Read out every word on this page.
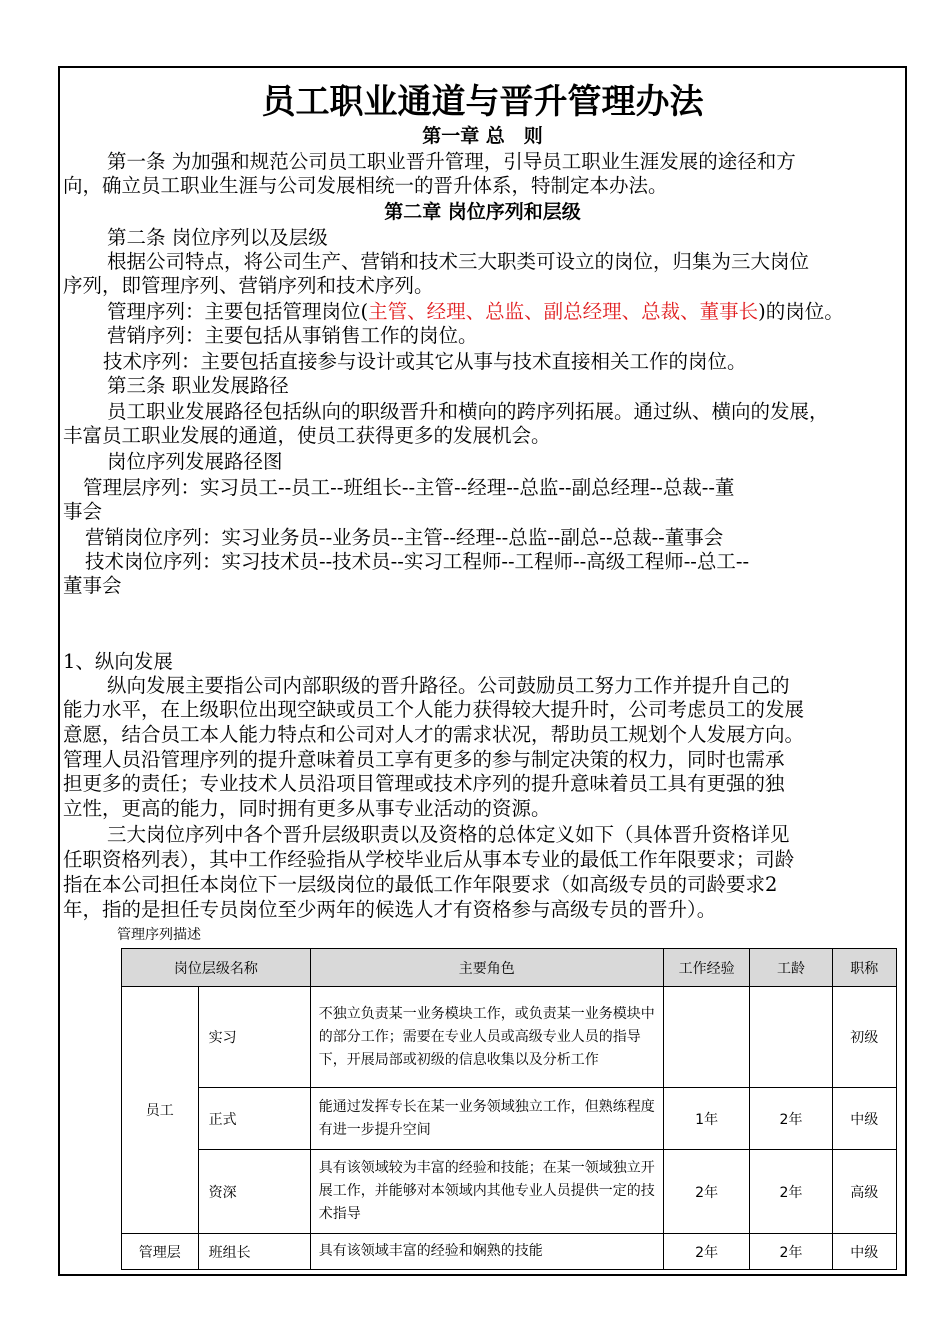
员工职业通道与晋升管理办法
第一章 总　则
第一条 为加强和规范公司员工职业晋升管理，引导员工职业生涯发展的途径和方
向，确立员工职业生涯与公司发展相统一的晋升体系，特制定本办法。
第二章 岗位序列和层级
第二条 岗位序列以及层级
根据公司特点，将公司生产、营销和技术三大职类可设立的岗位，归集为三大岗位
序列，即管理序列、营销序列和技术序列。
管理序列：主要包括管理岗位(主管、经理、总监、副总经理、总裁、董事长)的岗位。
营销序列：主要包括从事销售工作的岗位。
技术序列：主要包括直接参与设计或其它从事与技术直接相关工作的岗位。
第三条 职业发展路径
员工职业发展路径包括纵向的职级晋升和横向的跨序列拓展。通过纵、横向的发展，
丰富员工职业发展的通道，使员工获得更多的发展机会。
岗位序列发展路径图
管理层序列：实习员工--员工--班组长--主管--经理--总监--副总经理--总裁--董
事会
营销岗位序列：实习业务员--业务员--主管--经理--总监--副总--总裁--董事会
技术岗位序列：实习技术员--技术员--实习工程师--工程师--高级工程师--总工--
董事会
1、纵向发展
纵向发展主要指公司内部职级的晋升路径。公司鼓励员工努力工作并提升自己的
能力水平，在上级职位出现空缺或员工个人能力获得较大提升时，公司考虑员工的发展
意愿，结合员工本人能力特点和公司对人才的需求状况，帮助员工规划个人发展方向。
管理人员沿管理序列的提升意味着员工享有更多的参与制定决策的权力，同时也需承
担更多的责任；专业技术人员沿项目管理或技术序列的提升意味着员工具有更强的独
立性，更高的能力，同时拥有更多从事专业活动的资源。
三大岗位序列中各个晋升层级职责以及资格的总体定义如下（具体晋升资格详见
任职资格列表），其中工作经验指从学校毕业后从事本专业的最低工作年限要求；司龄
指在本公司担任本岗位下一层级岗位的最低工作年限要求（如高级专员的司龄要求2
年，指的是担任专员岗位至少两年的候选人才有资格参与高级专员的晋升）。
管理序列描述
岗位层级名称		主要角色	工作经验	工龄	职称
员工	实习	不独立负责某一业务模块工作，或负责某一业务模块中的部分工作；需要在专业人员或高级专业人员的指导下，开展局部或初级的信息收集以及分析工作			初级
	正式	能通过发挥专长在某一业务领域独立工作，但熟练程度有进一步提升空间	1年	2年	中级
	资深	具有该领域较为丰富的经验和技能；在某一领域独立开展工作，并能够对本领域内其他专业人员提供一定的技术指导	2年	2年	高级
管理层	班组长	具有该领域丰富的经验和娴熟的技能	2年	2年	中级
